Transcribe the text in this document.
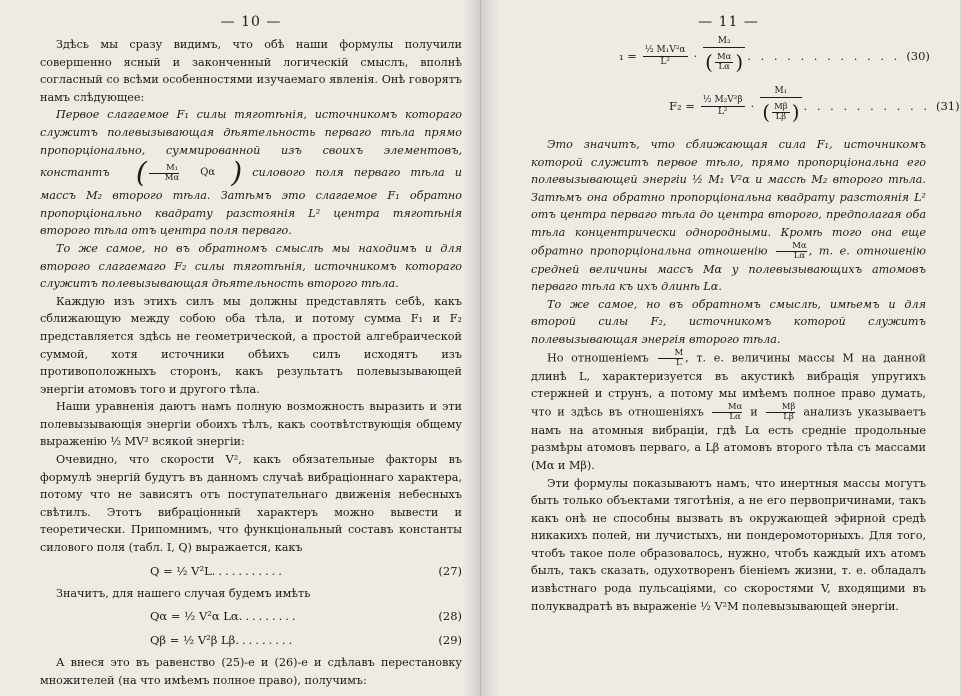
— 10 —

Здѣсь мы сразу видимъ, что обѣ наши формулы получили совершенно ясный и законченный логическій смыслъ, вполнѣ согласный со всѣми особенностями изучаемаго явленія. Онѣ говорятъ намъ слѣдующее:

Первое слагаемое F₁ силы тяготѣнія, источникомъ котораго служитъ полевызывающая дѣятельность перваго тѣла прямо пропорціонально, суммированной изъ своихъ элементовъ, константъ ( $\frac{\text{M₁}}{M\alpha}$	Qα ) силового поля перваго тѣла и массъ M₂ второго тѣла. Затѣмъ это слагаемое F₁ обратно пропорціонально квадрату разстоянія L² центра тяготѣнія второго тѣла отъ центра поля перваго.

То же самое, но въ обратномъ смыслѣ мы находимъ и для второго слагаемаго F₂ силы тяготѣнія, источникомъ котораго служитъ полевызывающая дѣятельность второго тѣла.

Каждую изъ этихъ силъ мы должны представлять себѣ, какъ сближающую между собою оба тѣла, и потому сумма F₁ и F₂ представляется здѣсь не геометрической, а простой алгебраической суммой, хотя источники обѣихъ силъ исходятъ изъ противоположныхъ сторонъ, какъ результатъ полевызывающей энергіи атомовъ того и другого тѣла.

Наши уравненія даютъ намъ полную возможность выразить и эти полевызывающія энергіи обоихъ тѣлъ, какъ соотвѣтствующія общему выраженію ½ MV² всякой энергіи:

Очевидно, что скорости V², какъ обязательные факторы въ формулѣ энергій будутъ въ данномъ случаѣ вибраціоннаго характера, потому что не зависятъ отъ поступательнаго движенія небесныхъ свѣтилъ. Этотъ вибраціонный характеръ можно вывести и теоретически. Припомнимъ, что функціональный составъ константы силового поля (табл. I, Q) выражается, какъ

Q = ½ V²L...........	(27)

Значитъ, для нашего случая будемъ имѣть

Qα = ½ V²α Lα.........	(28)
Qβ = ½ V²β Lβ.........	(29)

А внеся это въ равенство (25)-е и (26)-е и сдѣлавъ перестановку множителей (на что имѣемъ полное право), получимъ:

— 11 —
$_1 = \frac{\text{½ M₁V²α}}{\text{L²}} \cdot \frac{\text{M₂}}{( \frac{M\alpha}{L\alpha} )}$ . . . . . . . . . . . . (30)
$F_2 = \frac{\text{½ M₂V²β}}{\text{L²}} \cdot \frac{\text{M₁}}{( \frac{M\beta}{L\beta} )}$ . . . . . . . . . . (31)

Это значитъ, что сближающая сила F₁, источникомъ которой служитъ первое тѣло, прямо пропорціональна его полевызывающей энергіи ½ M₁ V²α и массѣ M₂ второго тѣла. Затѣмъ она обратно пропорціональна квадрату разстоянія L² отъ центра перваго тѣла до центра второго, предполагая оба тѣла концентрически однородными. Кромѣ того она еще обратно пропорціональна отношенію $\frac{M\alpha}{L\alpha}$ , т. е. отношенію средней величины массъ Mα у полевызывающихъ атомовъ перваго тѣла къ ихъ длинѣ Lα.

То же самое, но въ обратномъ смыслѣ, имѣемъ и для второй силы F₂, источникомъ которой служитъ полевызывающая энергія второго тѣла.

Но отношеніемъ $\frac{M}{L}$ , т. е. величины массы M на данной длинѣ L, характеризуется въ акустикѣ вибрація упругихъ стержней и струнъ, а потому мы имѣемъ полное право думать, что и здѣсь въ отношеніяхъ $\frac{M\alpha}{L\alpha}$ и $\frac{M\beta}{L\beta}$ анализъ указываетъ намъ на атомныя вибраціи, гдѣ Lα есть средніе продольные размѣры атомовъ перваго, а Lβ атомовъ второго тѣла съ массами (Mα и Mβ).

Эти формулы показываютъ намъ, что инертныя массы могутъ быть только объектами тяготѣнія, а не его первопричинами, такъ какъ онѣ не способны вызвать въ окружающей эфирной средѣ никакихъ полей, ни лучистыхъ, ни пондеромоторныхъ. Для того, чтобъ такое поле образовалось, нужно, чтобъ каждый ихъ атомъ былъ, такъ сказать, одухотворенъ біеніемъ жизни, т. е. обладалъ извѣстнаго рода пульсаціями, со скоростями V, входящими въ полуквадратѣ въ выраженіе ½ V²M полевызывающей энергіи.
